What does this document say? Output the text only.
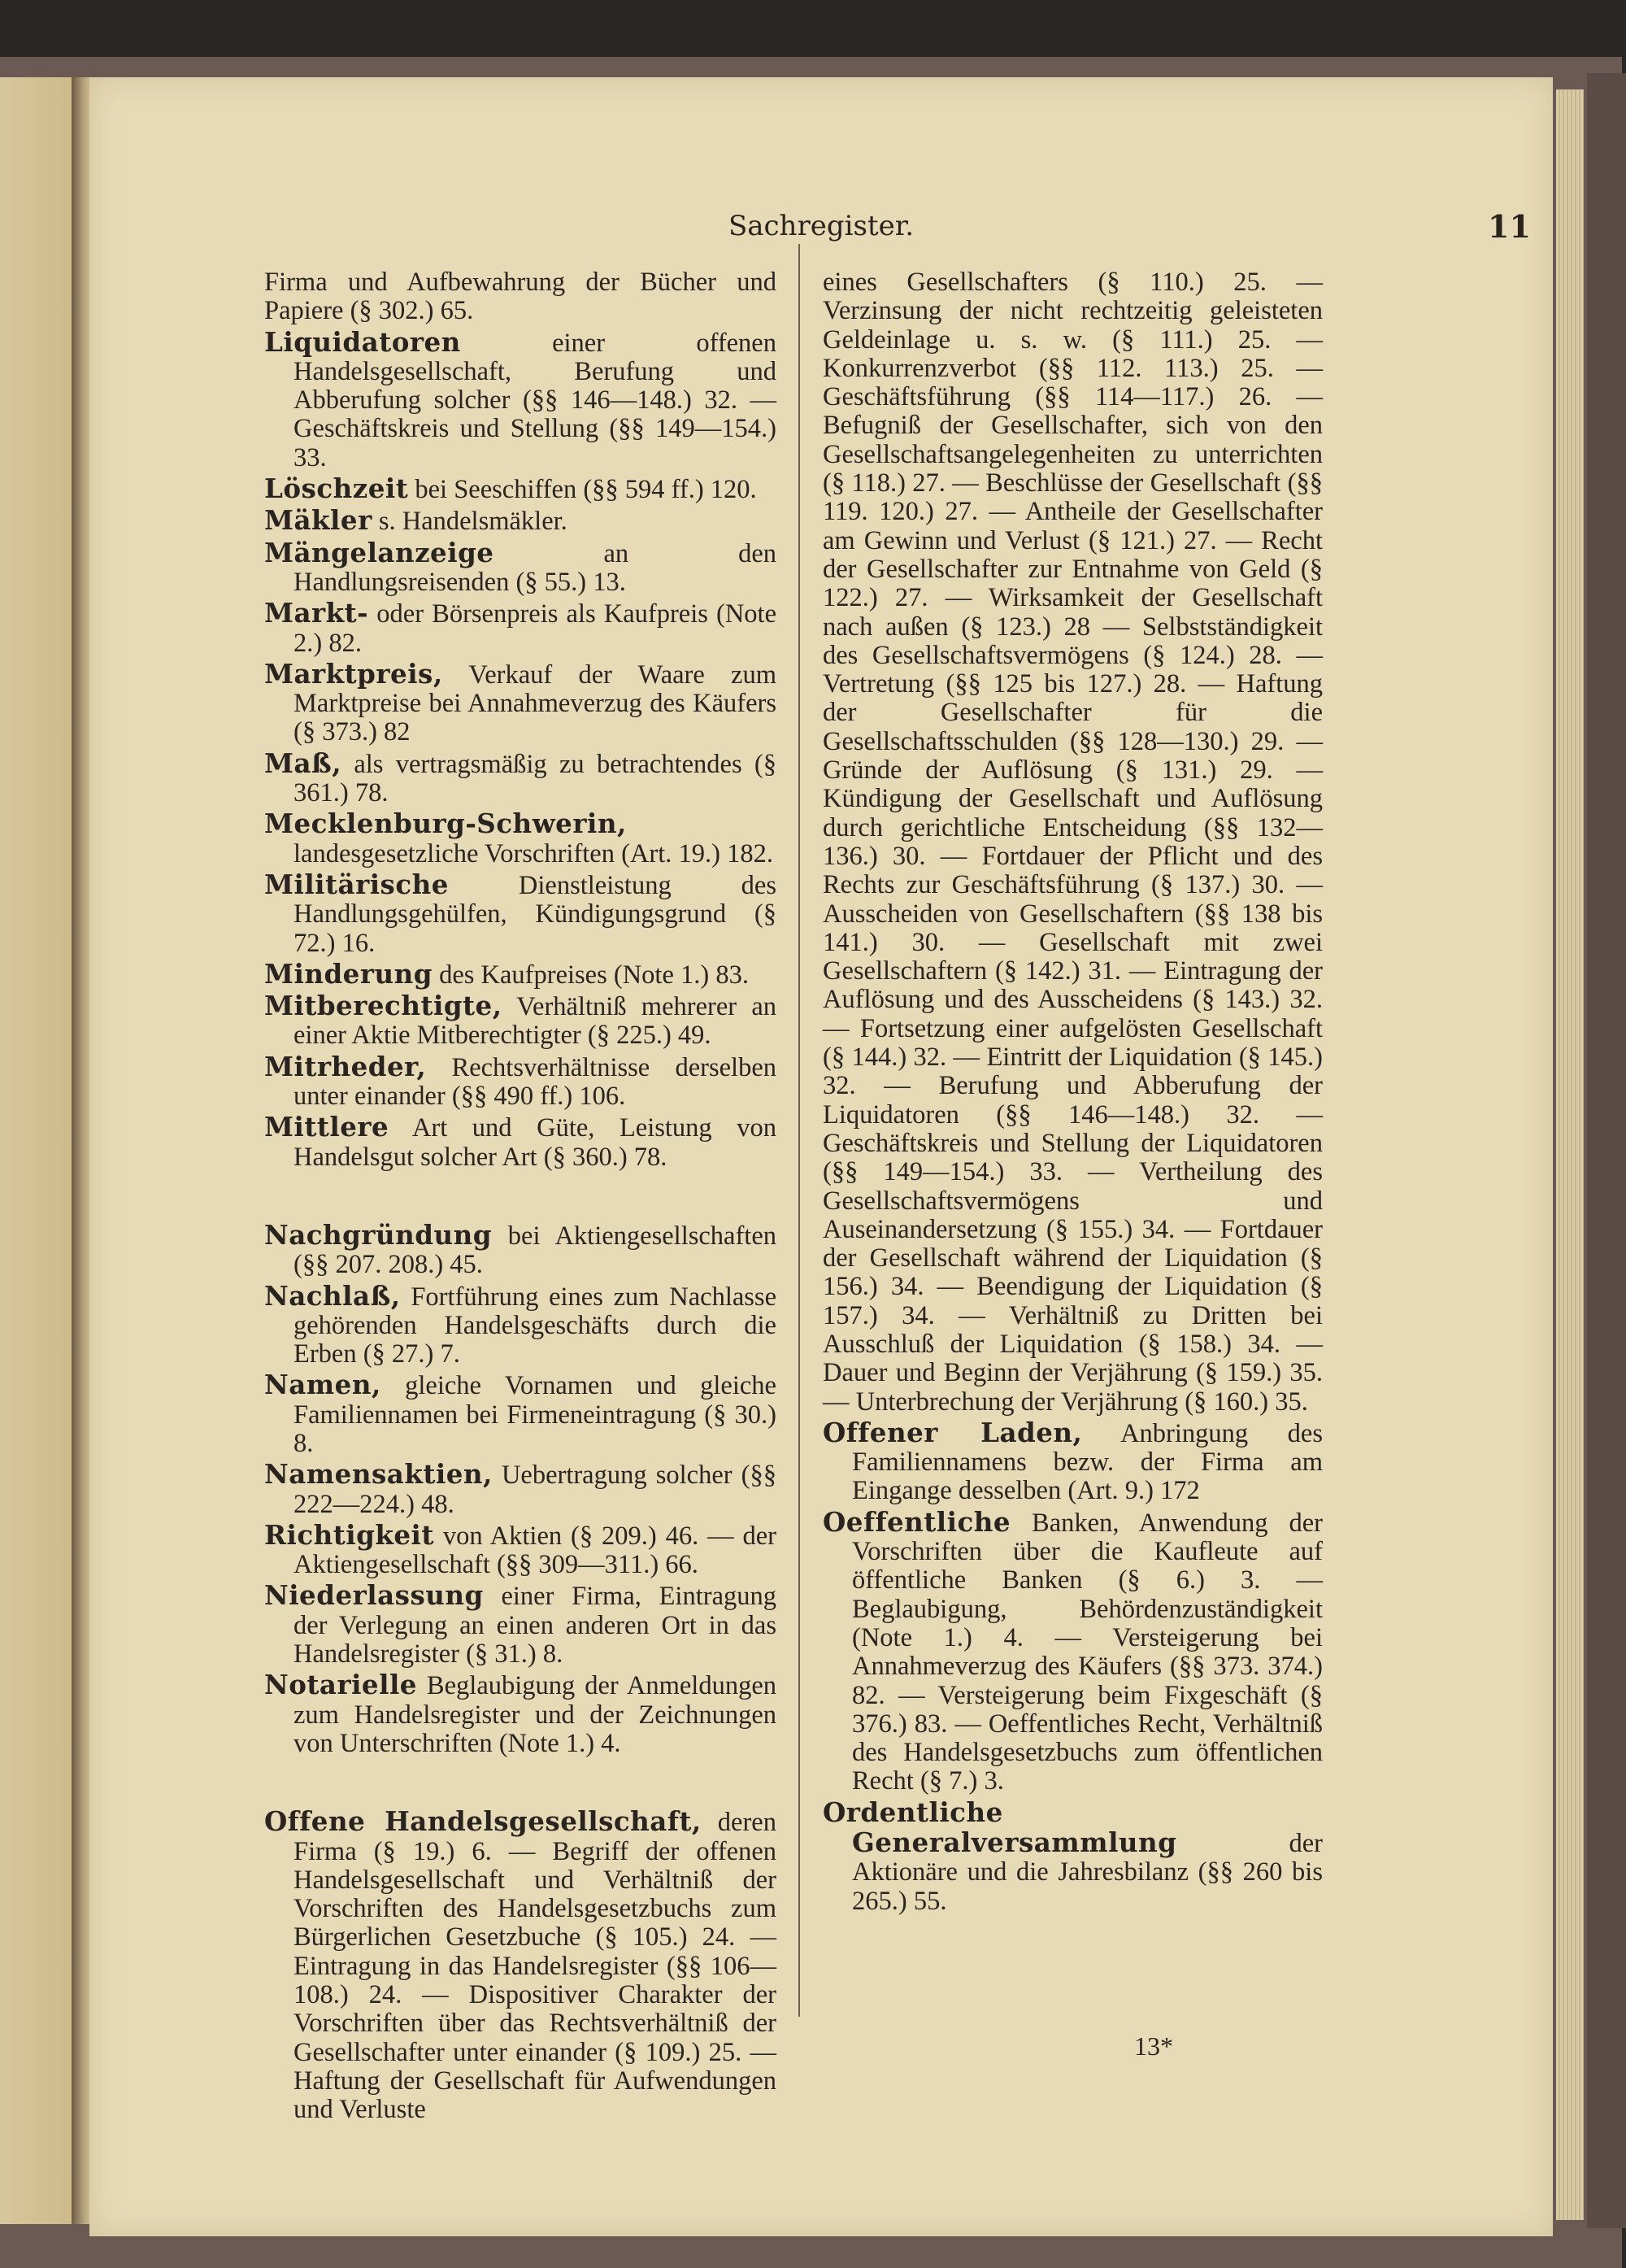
Sachregister.	11

Firma und Aufbewahrung der Bücher und Papiere (§ 302.) 65.

Liquidatoren einer offenen Handelsgesellschaft, Berufung und Abberufung solcher (§§ 146—148.) 32. — Geschäftskreis und Stellung (§§ 149—154.) 33.

Löschzeit bei Seeschiffen (§§ 594 ff.) 120.

Mäkler s. Handelsmäkler.

Mängelanzeige an den Handlungsreisenden (§ 55.) 13.

Markt- oder Börsenpreis als Kaufpreis (Note 2.) 82.

Marktpreis, Verkauf der Waare zum Marktpreise bei Annahmeverzug des Käufers (§ 373.) 82

Maß, als vertragsmäßig zu betrachtendes (§ 361.) 78.

Mecklenburg-Schwerin, landesgesetzliche Vorschriften (Art. 19.) 182.

Militärische Dienstleistung des Handlungsgehülfen, Kündigungsgrund (§ 72.) 16.

Minderung des Kaufpreises (Note 1.) 83.

Mitberechtigte, Verhältniß mehrerer an einer Aktie Mitberechtigter (§ 225.) 49.

Mitrheder, Rechtsverhältnisse derselben unter einander (§§ 490 ff.) 106.

Mittlere Art und Güte, Leistung von Handelsgut solcher Art (§ 360.) 78.

Nachgründung bei Aktiengesellschaften (§§ 207. 208.) 45.

Nachlaß, Fortführung eines zum Nachlasse gehörenden Handelsgeschäfts durch die Erben (§ 27.) 7.

Namen, gleiche Vornamen und gleiche Familiennamen bei Firmeneintragung (§ 30.) 8.

Namensaktien, Uebertragung solcher (§§ 222—224.) 48.

Richtigkeit von Aktien (§ 209.) 46. — der Aktiengesellschaft (§§ 309—311.) 66.

Niederlassung einer Firma, Eintragung der Verlegung an einen anderen Ort in das Handelsregister (§ 31.) 8.

Notarielle Beglaubigung der Anmeldungen zum Handelsregister und der Zeichnungen von Unterschriften (Note 1.) 4.

Offene Handelsgesellschaft, deren Firma (§ 19.) 6. — Begriff der offenen Handelsgesellschaft und Verhältniß der Vorschriften des Handelsgesetzbuchs zum Bürgerlichen Gesetzbuche (§ 105.) 24. — Eintragung in das Handelsregister (§§ 106—108.) 24. — Dispositiver Charakter der Vorschriften über das Rechtsverhältniß der Gesellschafter unter einander (§ 109.) 25. — Haftung der Gesellschaft für Aufwendungen und Verluste

eines Gesellschafters (§ 110.) 25. — Verzinsung der nicht rechtzeitig geleisteten Geldeinlage u. s. w. (§ 111.) 25. — Konkurrenzverbot (§§ 112. 113.) 25. — Geschäftsführung (§§ 114—117.) 26. — Befugniß der Gesellschafter, sich von den Gesellschaftsangelegenheiten zu unterrichten (§ 118.) 27. — Beschlüsse der Gesellschaft (§§ 119. 120.) 27. — Antheile der Gesellschafter am Gewinn und Verlust (§ 121.) 27. — Recht der Gesellschafter zur Entnahme von Geld (§ 122.) 27. — Wirksamkeit der Gesellschaft nach außen (§ 123.) 28 — Selbstständigkeit des Gesellschaftsvermögens (§ 124.) 28. — Vertretung (§§ 125 bis 127.) 28. — Haftung der Gesellschafter für die Gesellschaftsschulden (§§ 128—130.) 29. — Gründe der Auflösung (§ 131.) 29. — Kündigung der Gesellschaft und Auflösung durch gerichtliche Entscheidung (§§ 132—136.) 30. — Fortdauer der Pflicht und des Rechts zur Geschäftsführung (§ 137.) 30. — Ausscheiden von Gesellschaftern (§§ 138 bis 141.) 30. — Gesellschaft mit zwei Gesellschaftern (§ 142.) 31. — Eintragung der Auflösung und des Ausscheidens (§ 143.) 32. — Fortsetzung einer aufgelösten Gesellschaft (§ 144.) 32. — Eintritt der Liquidation (§ 145.) 32. — Berufung und Abberufung der Liquidatoren (§§ 146—148.) 32. — Geschäftskreis und Stellung der Liquidatoren (§§ 149—154.) 33. — Vertheilung des Gesellschaftsvermögens und Auseinandersetzung (§ 155.) 34. — Fortdauer der Gesellschaft während der Liquidation (§ 156.) 34. — Beendigung der Liquidation (§ 157.) 34. — Verhältniß zu Dritten bei Ausschluß der Liquidation (§ 158.) 34. — Dauer und Beginn der Verjährung (§ 159.) 35. — Unterbrechung der Verjährung (§ 160.) 35.

Offener Laden, Anbringung des Familiennamens bezw. der Firma am Eingange desselben (Art. 9.) 172

Oeffentliche Banken, Anwendung der Vorschriften über die Kaufleute auf öffentliche Banken (§ 6.) 3. — Beglaubigung, Behördenzuständigkeit (Note 1.) 4. — Versteigerung bei Annahmeverzug des Käufers (§§ 373. 374.) 82. — Versteigerung beim Fixgeschäft (§ 376.) 83. — Oeffentliches Recht, Verhältniß des Handelsgesetzbuchs zum öffentlichen Recht (§ 7.) 3.

Ordentliche Generalversammlung der Aktionäre und die Jahresbilanz (§§ 260 bis 265.) 55.

13*
